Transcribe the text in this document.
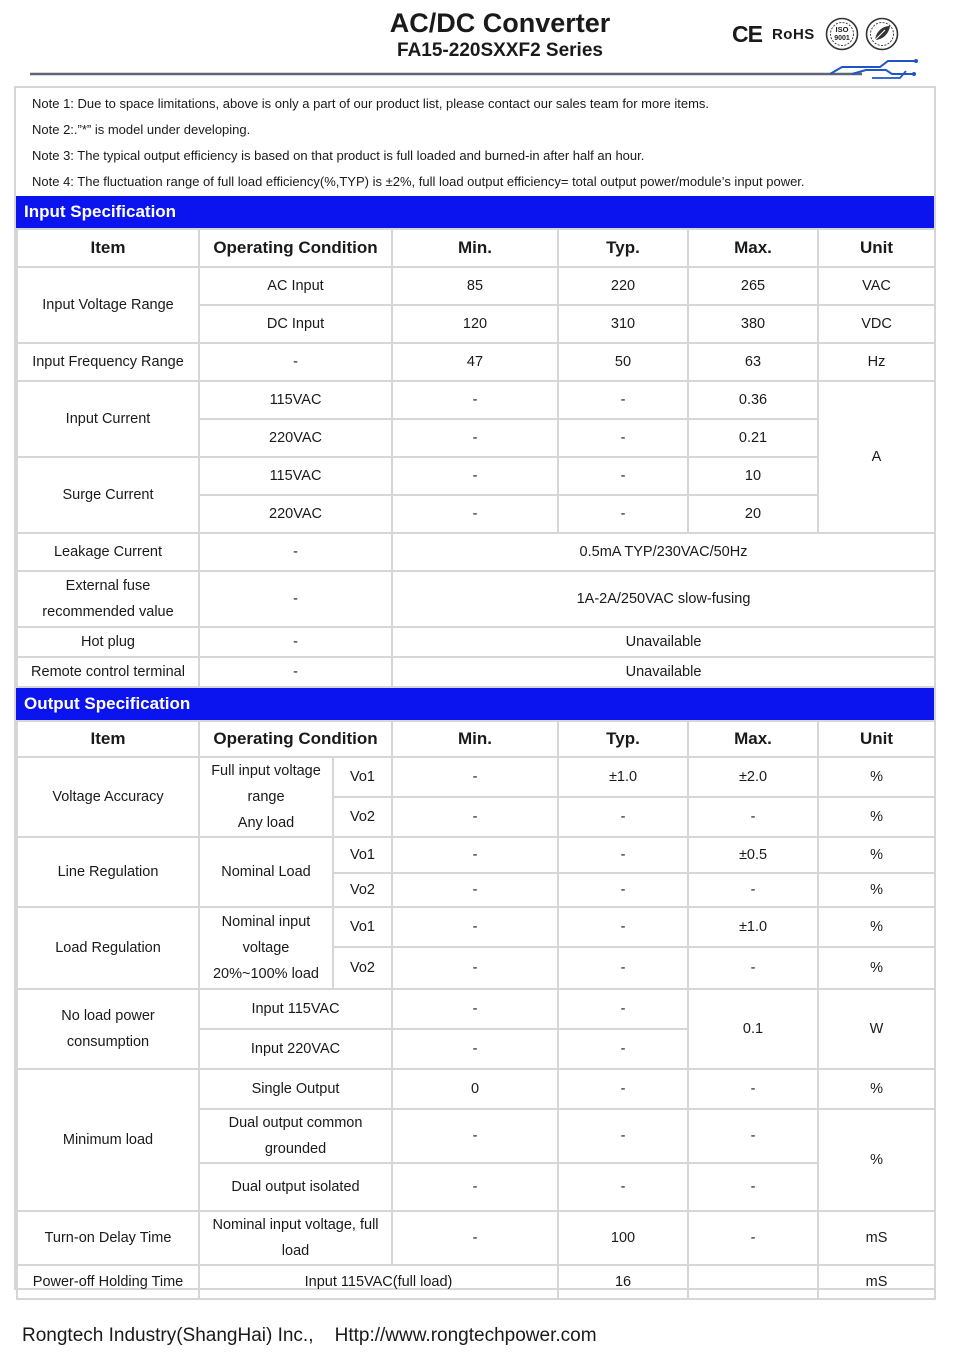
AC/DC Converter
FA15-220SXXF2 Series
CE RoHS	ISO
9001
Note 1: Due to space limitations, above is only a part of our product list, please contact our sales team for more items.
Note 2:.”*” is model under developing.
Note 3: The typical output efficiency is based on that product is full loaded and burned-in after half an hour.
Note 4: The fluctuation range of full load efficiency(%,TYP) is ±2%, full load output efficiency= total output power/module’s input power.
Input Specification
Item	Operating Condition	Min.	Typ.	Max.	Unit
Input Voltage Range	AC Input	85	220	265	VAC
	DC Input	120	310	380	VDC
Input Frequency Range	-	47	50	63	Hz
Input Current	115VAC	-	-	0.36	A
	220VAC	-	-	0.21	
Surge Current	115VAC	-	-	10	
	220VAC	-	-	20	
Leakage Current	-	0.5mA TYP/230VAC/50Hz			

External fuse
recommended value	-	1A-2A/250VAC slow-fusing			
Hot plug	-	Unavailable			
Remote control terminal	-	Unavailable			
Output Specification
Item	Operating Condition		Min.	Typ.	Max.	Unit
Voltage Accuracy	Full input voltage
range
Any load	Vo1	-	±1.0	±2.0	%
		Vo2	-	-	-	%
Line Regulation	Nominal Load	Vo1	-	-	±0.5	%
		Vo2	-	-	-	%
Load Regulation	Nominal input
voltage
20%~100% load	Vo1	-	-	±1.0	%
		Vo2	-	-	-	%

No load power
consumption	Input 115VAC		-	-	0.1	W
	Input 220VAC		-	-		
Minimum load	Single Output		0	-	-	%

	Dual output common
grounded		-	-	-	%
	Dual output isolated		-	-	-	
Turn-on Delay Time	Nominal input voltage, full
load		-	100	-	mS
Power-off Holding Time	Input 115VAC(full load)			16		mS
Rongtech Industry(ShangHai) Inc., Http://www.rongtechpower.com
